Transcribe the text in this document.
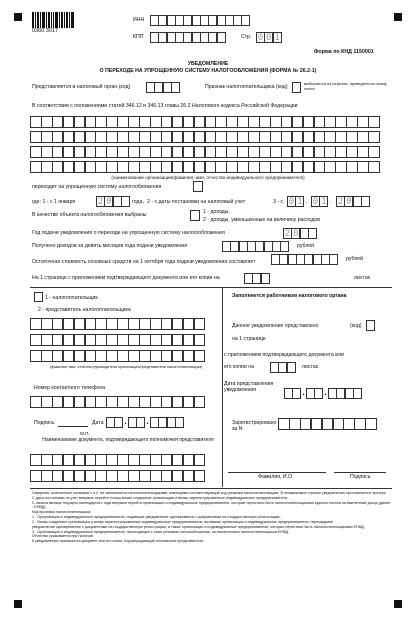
0360 3017
ИНН
КПП	Стр. 0 0 1
Форма по КНД 1150001
УВЕДОМЛЕНИЕ
О ПЕРЕХОДЕ НА УПРОЩЕННУЮ СИСТЕМУ НАЛОГООБЛОЖЕНИЯ (ФОРМА № 26.2-1)
Представляется в налоговый орган (код)	Признак налогоплательщика (код)
выбирается из перечня, приведенного внизу листа
В соответствии с положениями статей 346.12 и 346.13 главы 26.2 Налогового кодекса Российской Федерации
(наименование организации/фамилия, имя, отчество индивидуального предпринимателя)
переходит на упрощенную систему налогообложения
где: 1 - с 1 января	2 0	года, 2 - с даты постановки на налоговый учет	3 - с 0 1 . 0 1 . 2 0
В качестве объекта налогообложения выбраны	1 - доходы,
2 - доходы, уменьшенные на величину расходов
Год подачи уведомления о переходе на упрощенную систему налогообложения	2 0
Получено доходов за девять месяцев года подачи уведомления	рублей
Остаточная стоимость основных средств на 1 октября года подачи уведомления составляет	рублей
На 1 странице с приложением подтверждающего документа или его копии на	листах
1 - налогоплательщик
2 - представитель налогоплательщика
(фамилия, имя, отчество руководителя организации/представителя налогоплательщика)
Номер контактного телефона
Подпись	Дата . .
М.П.
Наименование документа, подтверждающего полномочия представителя
Заполняется работником налогового органа
Данное уведомление представлено	(код)
на 1 странице
с приложением подтверждающего документа или
его копии на	листах
Дата представления уведомления	. .
Зарегистрировано за N
Фамилия, И.О.	Подпись
Сведения, отмеченные сносками 1 и 2, не заполняются налогоплательщиками, имеющими соответствующий код признака налогоплательщика. В независимых строках уведомления проставляется прочерк.
С даты постановки на учет впервые перейти только вновь созданные организации и вновь зарегистрированные индивидуальные предприниматели.
С начала месяца текущего календарного года впервые перейти организации и индивидуальные предприниматели, которые перестали быть налогоплательщиками единого налога на вмененный доход (далее - ЕНВД).
Код признака налогоплательщика:
1 - Организации и индивидуальные предприниматели, подающие уведомление одновременно с документами на государственную регистрацию;
2 - Вновь созданные организации и вновь зарегистрированные индивидуальные предприниматели, вставшие организации и индивидуальные предприниматели, перешедшие
уведомление одновременно с документами на государственную регистрацию, а также организации и индивидуальные предприниматели, которые перестали быть налогоплательщиками ЕНВД;
3 - Организации и индивидуальные предприниматели, переходящие с иных режимов налогообложения, за исключением налогоплательщиков ЕНВД.
Отчество указывается при наличии.
К уведомлению прилагается документ или его копия, подтверждающий полномочия представителя.
